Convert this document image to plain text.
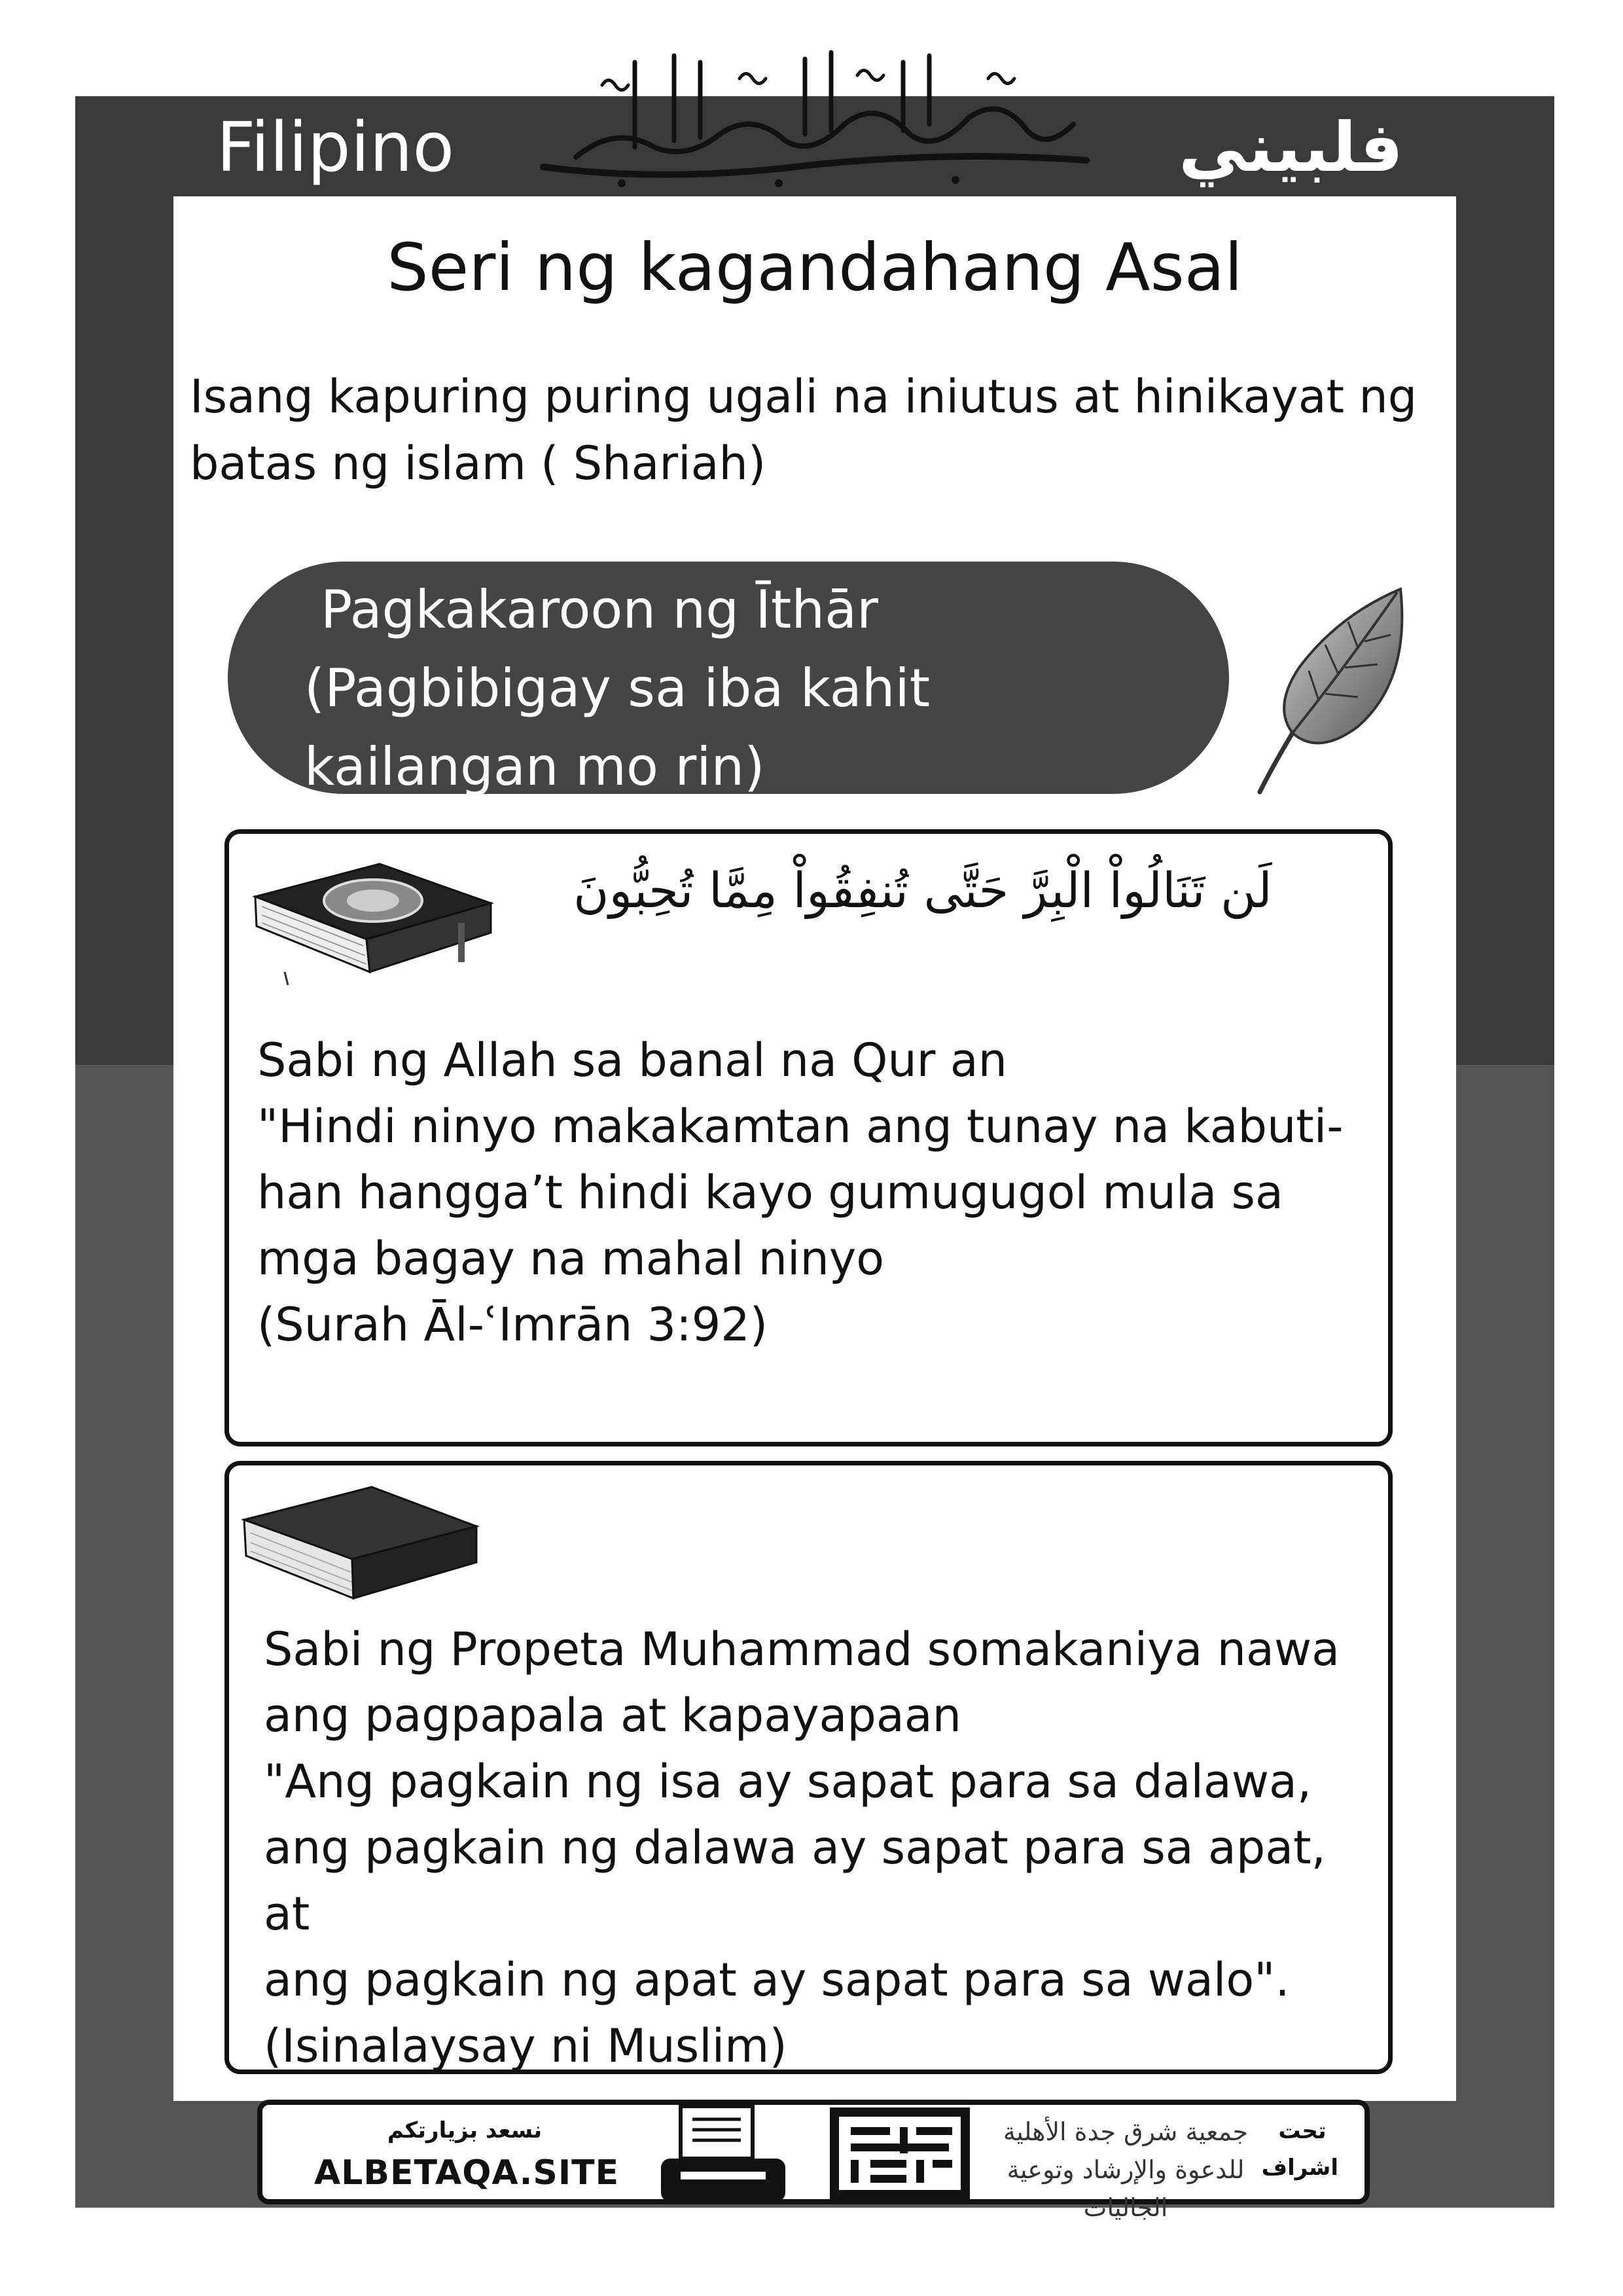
Filipino	فلبيني
Seri ng kagandahang Asal
Isang kapuring puring ugali na iniutus at hinikayat ng
batas ng islam ( Shariah)
Pagkakaroon ng Īthār
(Pagbibigay sa iba kahit
kailangan mo rin)
لَن تَنَالُواْ الْبِرَّ حَتَّى تُنفِقُواْ مِمَّا تُحِبُّونَ
Sabi ng Allah sa banal na Qur an
"Hindi ninyo makakamtan ang tunay na kabuti-
han hangga’t hindi kayo gumugugol mula sa
mga bagay na mahal ninyo
(Surah Āl-ʿImrān 3:92)
Sabi ng Propeta Muhammad somakaniya nawa
ang pagpapala at kapayapaan
"Ang pagkain ng isa ay sapat para sa dalawa,
ang pagkain ng dalawa ay sapat para sa apat, at
ang pagkain ng apat ay sapat para sa walo".
(Isinalaysay ni Muslim)
نسعد بزيارتكم
ALBETAQA.SITE
جمعية شرق جدة الأهلية
للدعوة والإرشاد وتوعية الجاليات
تحت
اشراف
